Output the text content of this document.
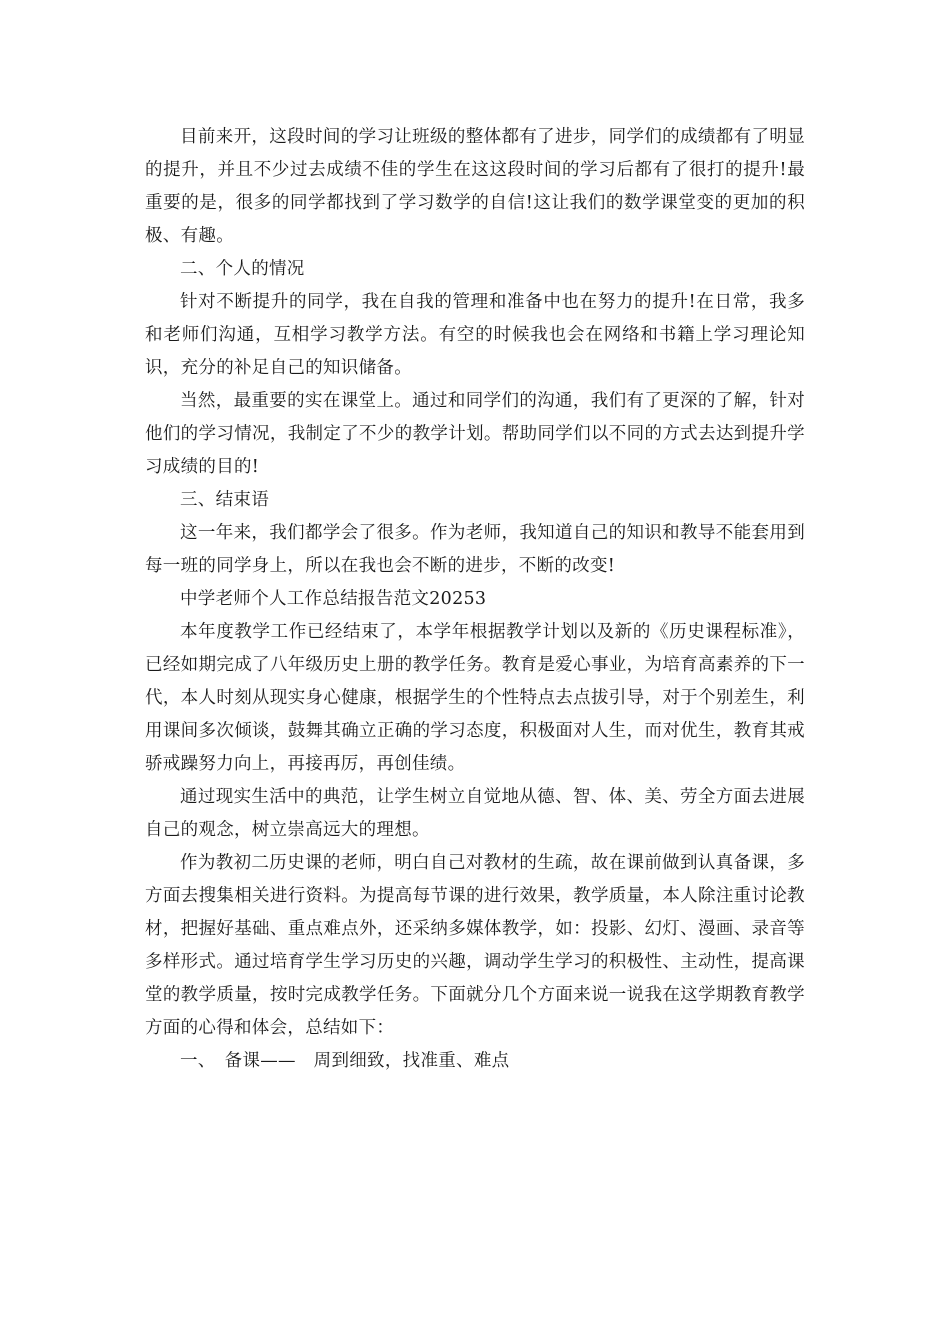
目前来开，这段时间的学习让班级的整体都有了进步，同学们的成绩都有了明显的提升，并且不少过去成绩不佳的学生在这这段时间的学习后都有了很打的提升!最重要的是，很多的同学都找到了学习数学的自信!这让我们的数学课堂变的更加的积极、有趣。

二、个人的情况

针对不断提升的同学，我在自我的管理和准备中也在努力的提升!在日常，我多和老师们沟通，互相学习教学方法。有空的时候我也会在网络和书籍上学习理论知识，充分的补足自己的知识储备。

当然，最重要的实在课堂上。通过和同学们的沟通，我们有了更深的了解，针对他们的学习情况，我制定了不少的教学计划。帮助同学们以不同的方式去达到提升学习成绩的目的!

三、结束语

这一年来，我们都学会了很多。作为老师，我知道自己的知识和教导不能套用到每一班的同学身上，所以在我也会不断的进步，不断的改变!

中学老师个人工作总结报告范文20253

本年度教学工作已经结束了，本学年根据教学计划以及新的《历史课程标准》，已经如期完成了八年级历史上册的教学任务。教育是爱心事业，为培育高素养的下一代，本人时刻从现实身心健康，根据学生的个性特点去点拔引导，对于个别差生，利用课间多次倾谈，鼓舞其确立正确的学习态度，积极面对人生，而对优生，教育其戒骄戒躁努力向上，再接再厉，再创佳绩。

通过现实生活中的典范，让学生树立自觉地从德、智、体、美、劳全方面去进展自己的观念，树立崇高远大的理想。

作为教初二历史课的老师，明白自己对教材的生疏，故在课前做到认真备课，多方面去搜集相关进行资料。为提高每节课的进行效果，教学质量，本人除注重讨论教材，把握好基础、重点难点外，还采纳多媒体教学，如：投影、幻灯、漫画、录音等多样形式。通过培育学生学习历史的兴趣，调动学生学习的积极性、主动性，提高课堂的教学质量，按时完成教学任务。下面就分几个方面来说一说我在这学期教育教学方面的心得和体会，总结如下：

一、　备课——　周到细致，找准重、难点
